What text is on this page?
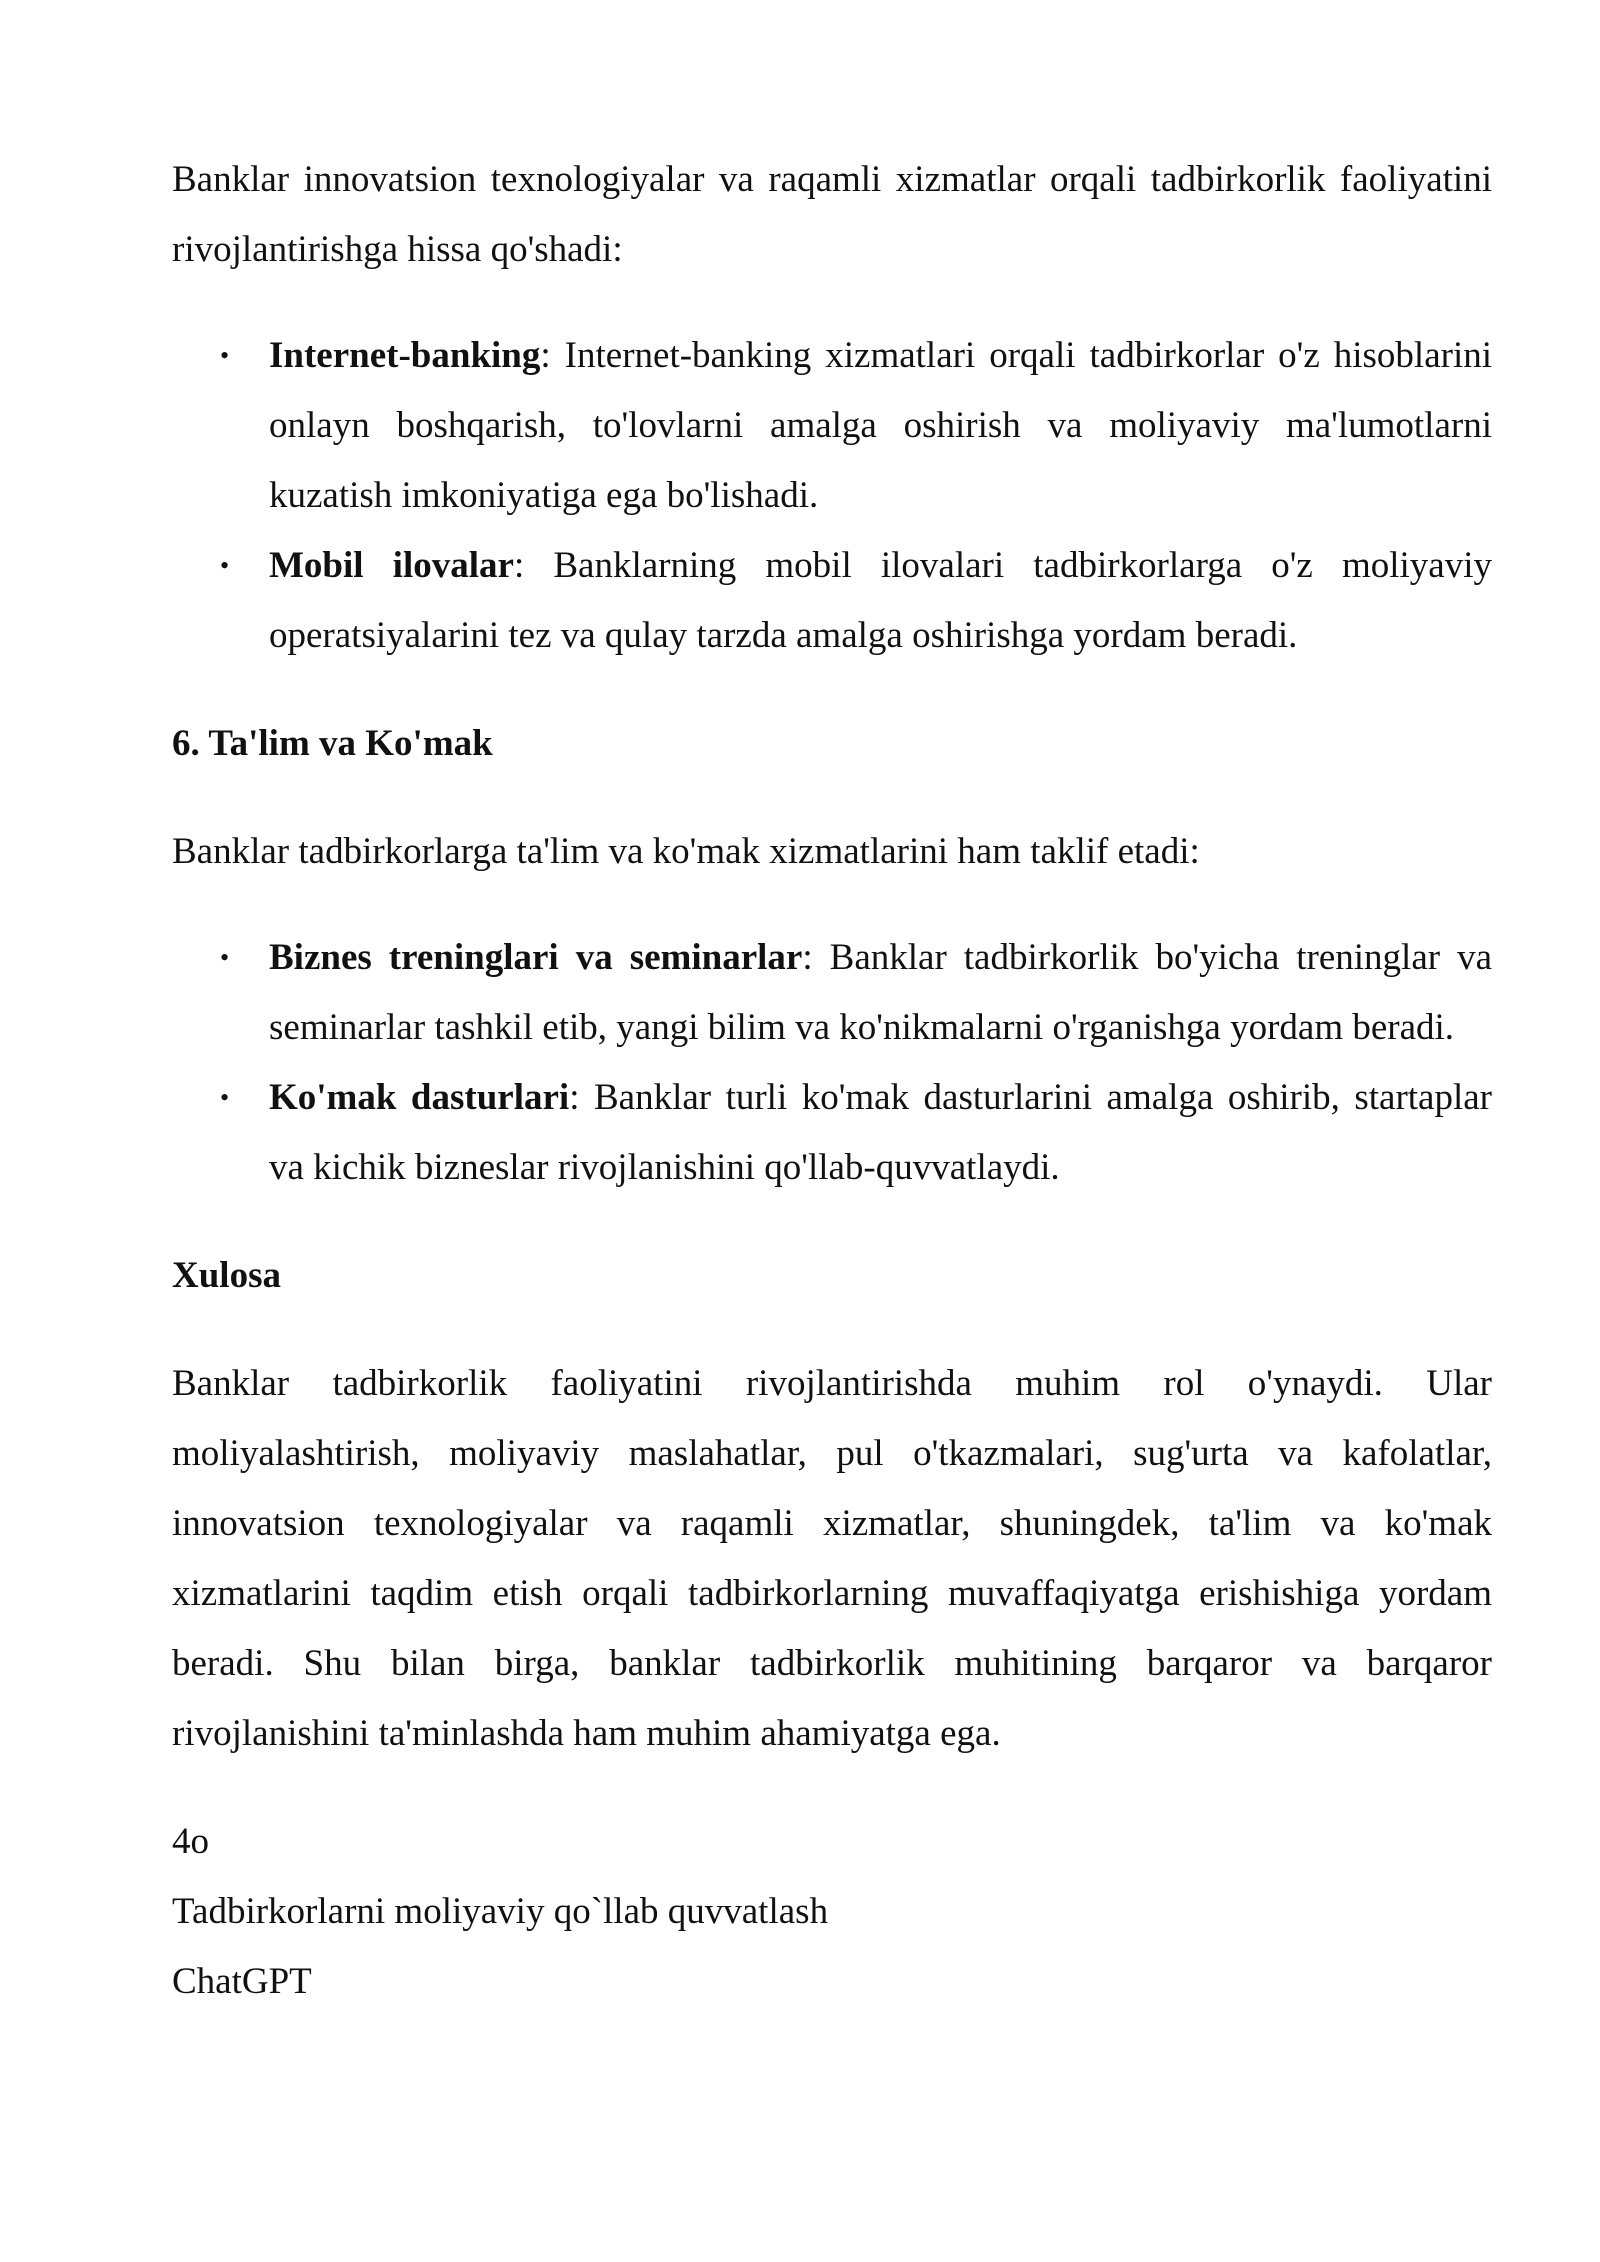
Banklar innovatsion texnologiyalar va raqamli xizmatlar orqali tadbirkorlik faoliyatini rivojlantirishga hissa qo'shadi:

• Internet-banking: Internet-banking xizmatlari orqali tadbirkorlar o'z hisoblarini onlayn boshqarish, to'lovlarni amalga oshirish va moliyaviy ma'lumotlarni kuzatish imkoniyatiga ega bo'lishadi.
• Mobil ilovalar: Banklarning mobil ilovalari tadbirkorlarga o'z moliyaviy operatsiyalarini tez va qulay tarzda amalga oshirishga yordam beradi.
6. Ta'lim va Ko'mak

Banklar tadbirkorlarga ta'lim va ko'mak xizmatlarini ham taklif etadi:

• Biznes treninglari va seminarlar: Banklar tadbirkorlik bo'yicha treninglar va seminarlar tashkil etib, yangi bilim va ko'nikmalarni o'rganishga yordam beradi.
• Ko'mak dasturlari: Banklar turli ko'mak dasturlarini amalga oshirib, startaplar va kichik bizneslar rivojlanishini qo'llab-quvvatlaydi.
Xulosa

Banklar tadbirkorlik faoliyatini rivojlantirishda muhim rol o'ynaydi. Ular moliyalashtirish, moliyaviy maslahatlar, pul o'tkazmalari, sug'urta va kafolatlar, innovatsion texnologiyalar va raqamli xizmatlar, shuningdek, ta'lim va ko'mak xizmatlarini taqdim etish orqali tadbirkorlarning muvaffaqiyatga erishishiga yordam beradi. Shu bilan birga, banklar tadbirkorlik muhitining barqaror va barqaror rivojlanishini ta'minlashda ham muhim ahamiyatga ega.

4o

Tadbirkorlarni moliyaviy qo`llab quvvatlash

ChatGPT
